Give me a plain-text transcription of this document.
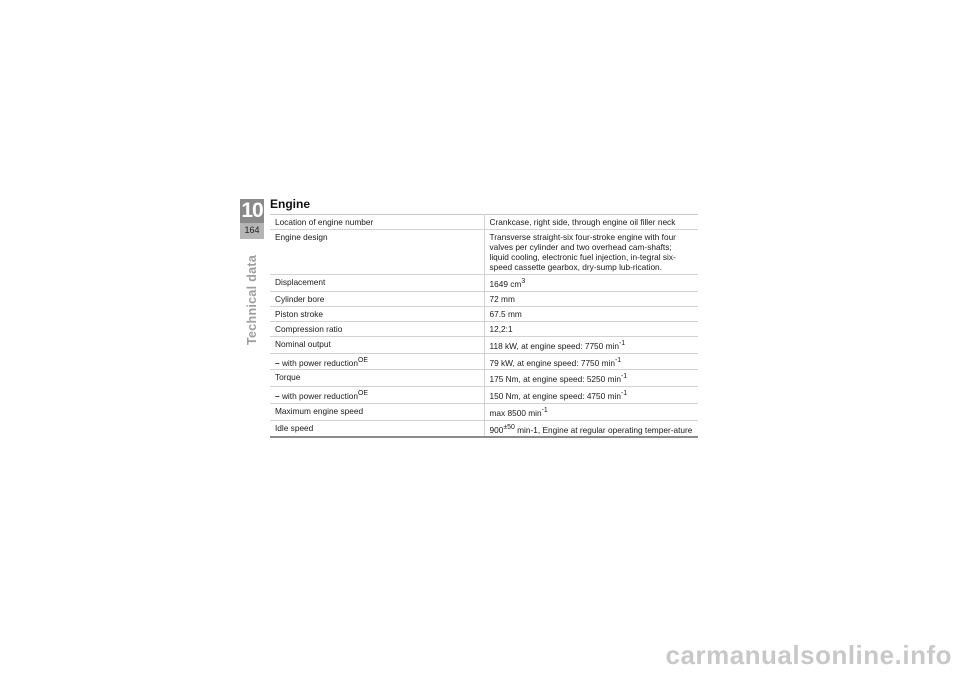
10
164
Technical data
Engine
Location of engine number	Crankcase, right side, through engine oil filler neck
Engine design	Transverse straight-six four-stroke engine with four valves per cylinder and two overhead cam-shafts; liquid cooling, electronic fuel injection, in-tegral six-speed cassette gearbox, dry-sump lub-rication.
Displacement	1649 $cm^3$
Cylinder bore	72 mm
Piston stroke	67.5 mm
Compression ratio	12,2:1
Nominal output	118 kW, at engine speed: 7750 $\min^{-1}$
– with power reduction$^{OE}$	79 kW, at engine speed: 7750 $\min^{-1}$
Torque	175 Nm, at engine speed: 5250 $\min^{-1}$
– with power reduction$^{OE}$	150 Nm, at engine speed: 4750 $\min^{-1}$
Maximum engine speed	max 8500 $\min^{-1}$
Idle speed	$900^{\pm 50}$ min-1, Engine at regular operating temper-ature
carmanualsonline.info
